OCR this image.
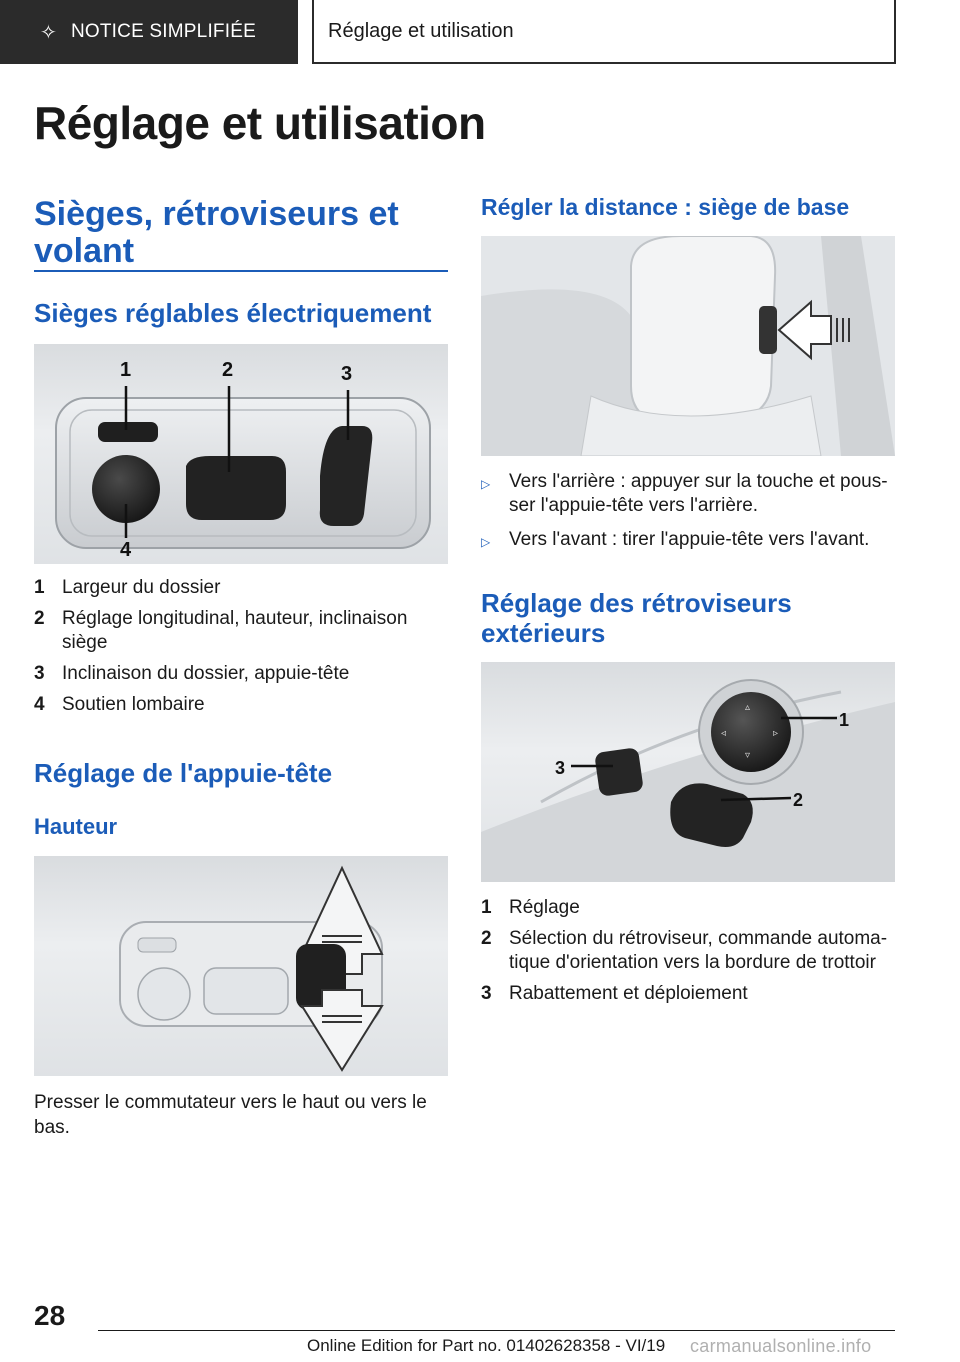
✧ NOTICE SIMPLIFIÉE	Réglage et utilisation
Réglage et utilisation
Sièges, rétroviseurs et volant
Sièges réglables électriquement
1	2	3
4
1 Largeur du dossier
2 Réglage longitudinal, hauteur, inclinaison siège
3 Inclinaison du dossier, appuie-tête
4 Soutien lombaire
Réglage de l'appuie-tête
Hauteur
Presser le commutateur vers le haut ou vers le bas.
Régler la distance : siège de base
▷ Vers l'arrière : appuyer sur la touche et pous- ser l'appuie-tête vers l'arrière.
▷ Vers l'avant : tirer l'appuie-tête vers l'avant.
Réglage des rétroviseurs extérieurs
▵
◃	▹
▿
1
2
3
1 Réglage
2 Sélection du rétroviseur, commande automa- tique d'orientation vers la bordure de trottoir
3 Rabattement et déploiement
28
Online Edition for Part no. 01402628358 - VI/19 carmanualsonline.info
